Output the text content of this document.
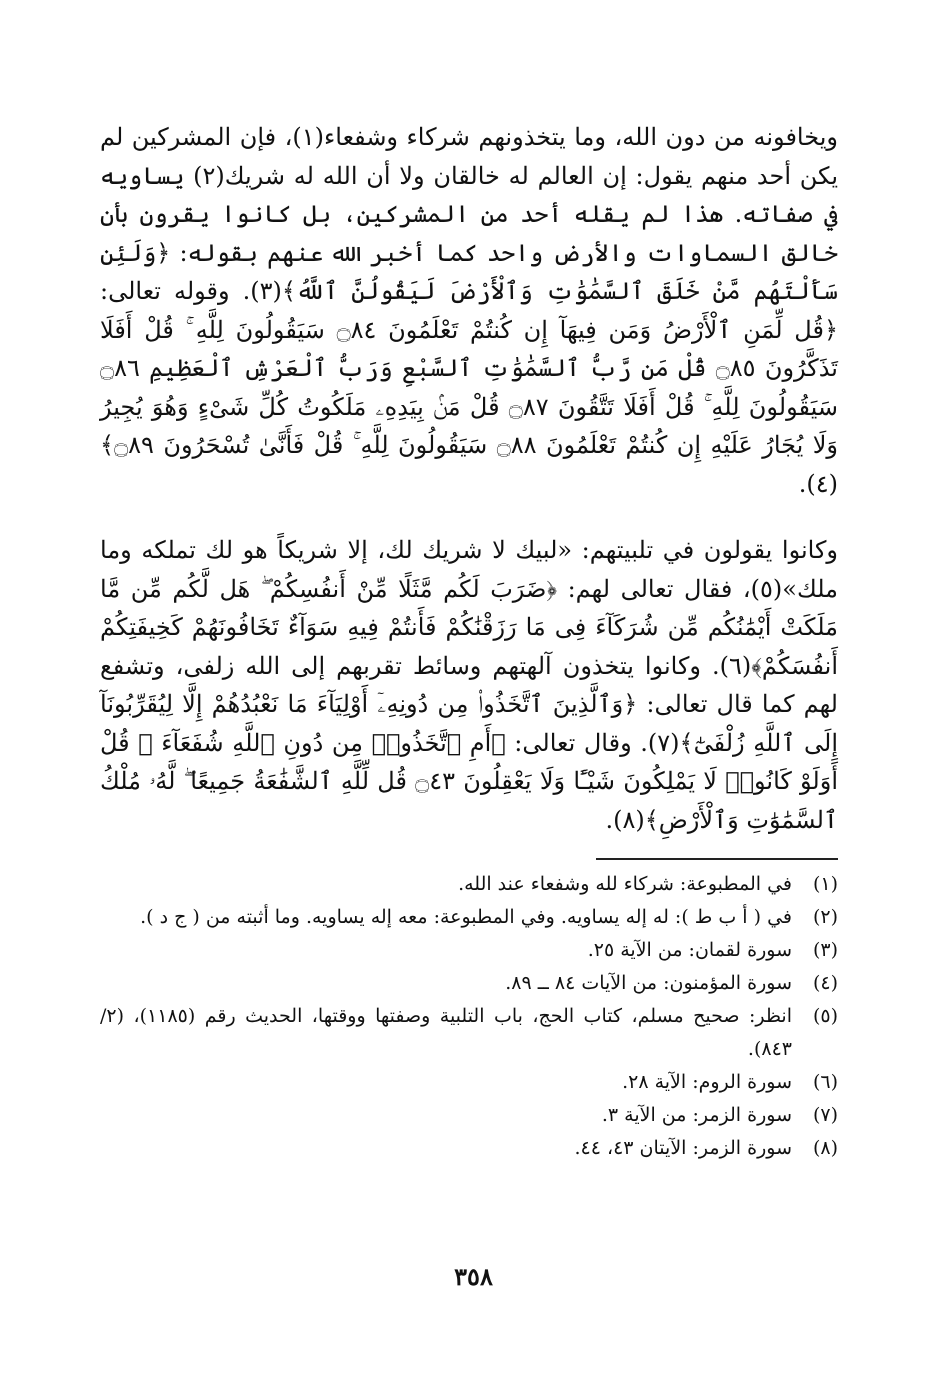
ويخافونه من دون الله، وما يتخذونهم شركاء وشفعاء(١)، فإن المشركين لم يكن أحد منهم يقول: إن العالم له خالقان ولا أن الله له شريك(٢) يساويه في صفاته. هذا لم يقله أحد من المشركين، بل كانوا يقرون بأن خالق السماوات والأرض واحد كما أخبر الله عنهم بقوله: ﴿وَلَئِن سَأَلْتَهُم مَّنْ خَلَقَ ٱلسَّمَٰوَٰتِ وَٱلْأَرْضَ لَيَقُولُنَّ ٱللَّهُ﴾(٣). وقوله تعالى: ﴿قُل لِّمَنِ ٱلْأَرْضُ وَمَن فِيهَآ إِن كُنتُمْ تَعْلَمُونَ ۝٨٤ سَيَقُولُونَ لِلَّهِ ۚ قُلْ أَفَلَا تَذَكَّرُونَ ۝٨٥ قُلْ مَن رَّبُّ ٱلسَّمَٰوَٰتِ ٱلسَّبْعِ وَرَبُّ ٱلْعَرْشِ ٱلْعَظِيمِ ۝٨٦ سَيَقُولُونَ لِلَّهِ ۚ قُلْ أَفَلَا تَتَّقُونَ ۝٨٧ قُلْ مَنۢ بِيَدِهِۦ مَلَكُوتُ كُلِّ شَىْءٍ وَهُوَ يُجِيرُ وَلَا يُجَارُ عَلَيْهِ إِن كُنتُمْ تَعْلَمُونَ ۝٨٨ سَيَقُولُونَ لِلَّهِ ۚ قُلْ فَأَنَّىٰ تُسْحَرُونَ ۝٨٩﴾(٤).

وكانوا يقولون في تلبيتهم: «لبيك لا شريك لك، إلا شريكاً هو لك تملكه وما ملك»(٥)، فقال تعالى لهم: ﴿ضَرَبَ لَكُم مَّثَلًا مِّنْ أَنفُسِكُمْ ۖ هَل لَّكُم مِّن مَّا مَلَكَتْ أَيْمَٰنُكُم مِّن شُرَكَآءَ فِى مَا رَزَقْنَٰكُمْ فَأَنتُمْ فِيهِ سَوَآءٌ تَخَافُونَهُمْ كَخِيفَتِكُمْ أَنفُسَكُمْ﴾(٦). وكانوا يتخذون آلهتهم وسائط تقربهم إلى الله زلفى، وتشفع لهم كما قال تعالى: ﴿وَٱلَّذِينَ ٱتَّخَذُوا۟ مِن دُونِهِۦٓ أَوْلِيَآءَ مَا نَعْبُدُهُمْ إِلَّا لِيُقَرِّبُونَآ إِلَى ٱللَّهِ زُلْفَىٰٓ﴾(٧). وقال تعالى: ﴿أَمِ ٱتَّخَذُوا۟ مِن دُونِ ٱللَّهِ شُفَعَآءَ ۚ قُلْ أَوَلَوْ كَانُوا۟ لَا يَمْلِكُونَ شَيْـًٔا وَلَا يَعْقِلُونَ ۝٤٣ قُل لِّلَّهِ ٱلشَّفَٰعَةُ جَمِيعًا ۖ لَّهُۥ مُلْكُ ٱلسَّمَٰوَٰتِ وَٱلْأَرْضِ﴾(٨).

(١)
في المطبوعة: شركاء لله وشفعاء عند الله.
(٢)
في ( أ ب ط ): له إله يساويه. وفي المطبوعة: معه إله يساويه. وما أثبته من ( ج د ).
(٣)
سورة لقمان: من الآية ٢٥.
(٤)
سورة المؤمنون: من الآيات ٨٤ ــ ٨٩.
(٥)
انظر: صحيح مسلم، كتاب الحج، باب التلبية وصفتها ووقتها، الحديث رقم (١١٨٥)، (٢/ ٨٤٣).
(٦)
سورة الروم: الآية ٢٨.
(٧)
سورة الزمر: من الآية ٣.
(٨)
سورة الزمر: الآيتان ٤٣، ٤٤.
٣٥٨
